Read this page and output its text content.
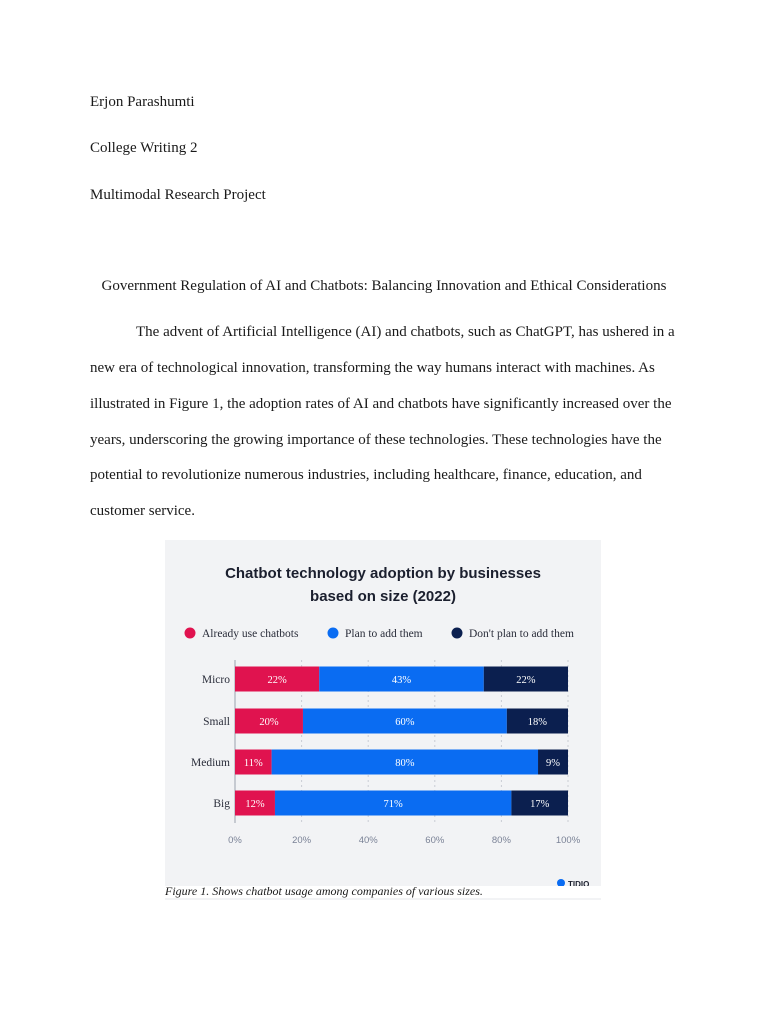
Erjon Parashumti
College Writing 2
Multimodal Research Project
Government Regulation of AI and Chatbots: Balancing Innovation and Ethical Considerations
The advent of Artificial Intelligence (AI) and chatbots, such as ChatGPT, has ushered in a
new era of technological innovation, transforming the way humans interact with machines. As
illustrated in Figure 1, the adoption rates of AI and chatbots have significantly increased over the
years, underscoring the growing importance of these technologies. These technologies have the
potential to revolutionize numerous industries, including healthcare, finance, education, and
customer service.
Chatbot technology adoption by businesses
based on size (2022)
Already use chatbots	Plan to add them	Don't plan to add them
0%	20%	40%	60%	80%	100%
Micro	22%	43%	22%
Small	20%	60%	18%
Medium 11%	80%	9%
Big 12%	71%	17%
TIDIO
Figure 1. Shows chatbot usage among companies of various sizes.
